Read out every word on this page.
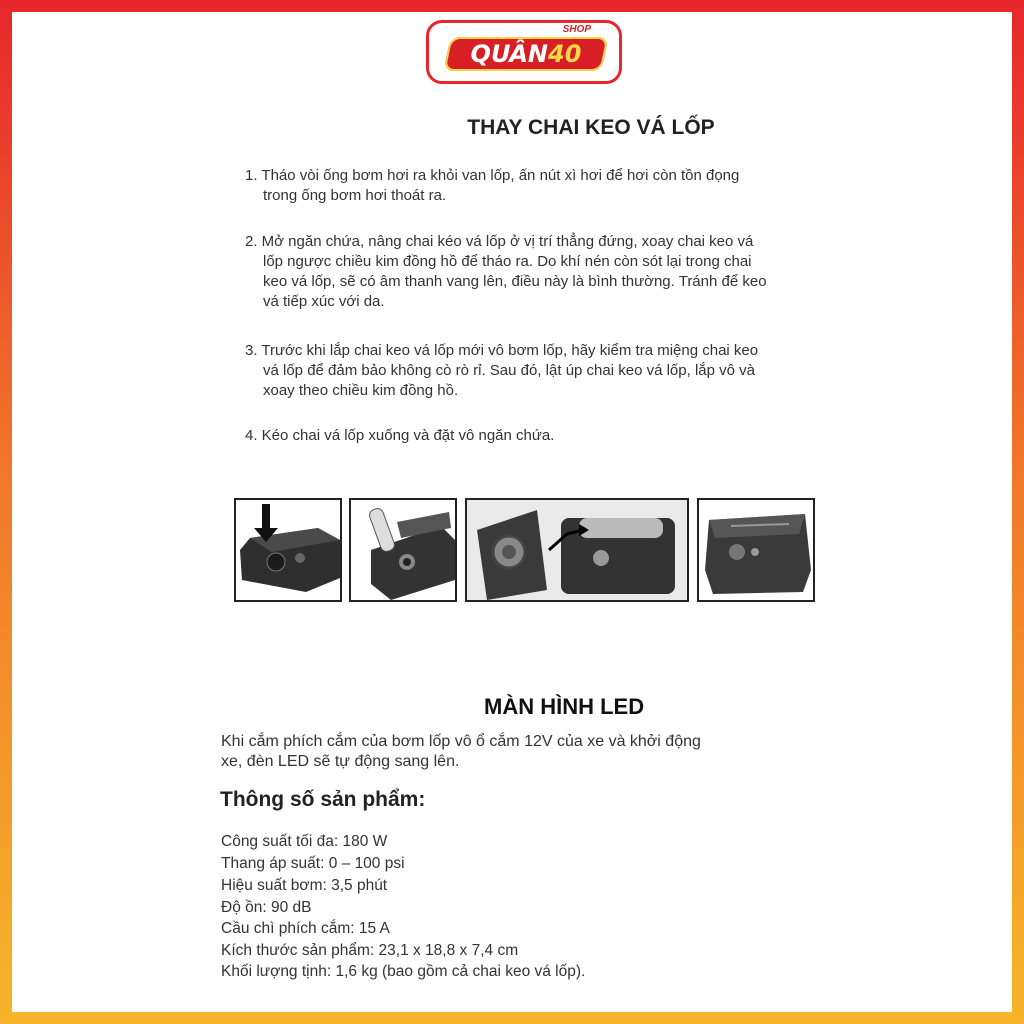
SHOP
QUÂN40
THAY CHAI KEO VÁ LỐP
1. Tháo vòi ống bơm hơi ra khỏi van lốp, ấn nút xì hơi để hơi còn tồn đọng
trong ống bơm hơi thoát ra.
2. Mở ngăn chứa, nâng chai kéo vá lốp ở vị trí thẳng đứng, xoay chai keo vá
lốp ngược chiều kim đồng hồ để tháo ra. Do khí nén còn sót lại trong chai
keo vá lốp, sẽ có âm thanh vang lên, điều này là bình thường. Tránh để keo
vá tiếp xúc với da.
3. Trước khi lắp chai keo vá lốp mới vô bơm lốp, hãy kiểm tra miệng chai keo
vá lốp để đảm bảo không cò rò rỉ. Sau đó, lật úp chai keo vá lốp, lắp vô và
xoay theo chiều kim đồng hồ.
4. Kéo chai vá lốp xuống và đặt vô ngăn chứa.
MÀN HÌNH LED
Khi cắm phích cắm của bơm lốp vô ổ cắm 12V của xe và khởi động
xe, đèn LED sẽ tự động sang lên.
Thông số sản phẩm:
Công suất tối đa: 180 W
Thang áp suất: 0 – 100 psi
Hiệu suất bơm: 3,5 phút
Độ ồn: 90 dB
Cầu chì phích cắm: 15 A
Kích thước sản phẩm: 23,1 x 18,8 x 7,4 cm
Khối lượng tịnh: 1,6 kg (bao gồm cả chai keo vá lốp).
